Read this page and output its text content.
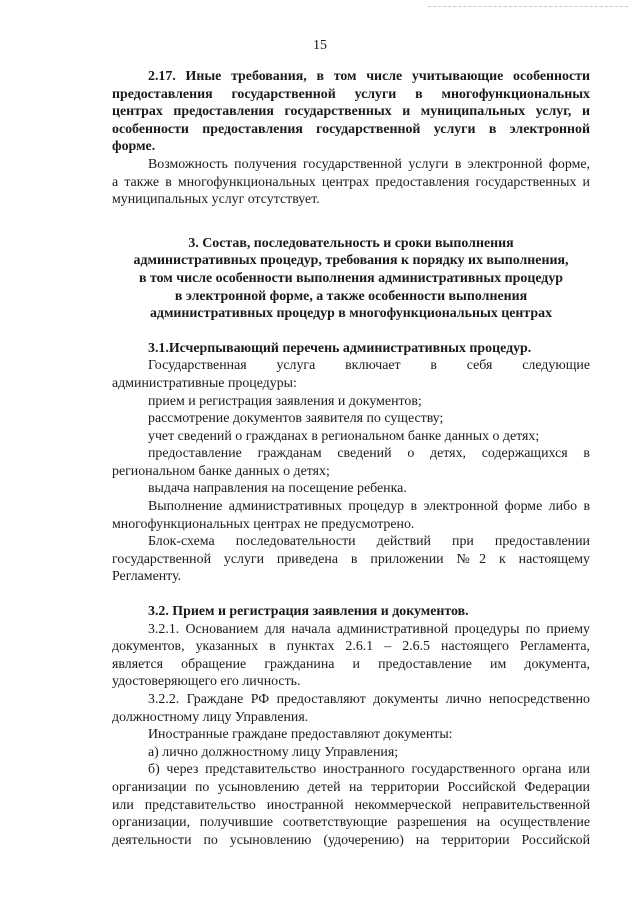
15

2.17. Иные требования, в том числе учитывающие особенности

предоставления государственной услуги в многофункциональных

центрах предоставления государственных и муниципальных услуг, и

особенности предоставления государственной услуги в электронной

форме.

Возможность получения государственной услуги в электронной форме,

а также в многофункциональных центрах предоставления государственных и

муниципальных услуг отсутствует.

3. Состав, последовательность и сроки выполнения

административных процедур, требования к порядку их выполнения,

в том числе особенности выполнения административных процедур

в электронной форме, а также особенности выполнения

административных процедур в многофункциональных центрах

3.1.Исчерпывающий перечень административных процедур.

Государственная услуга включает в себя следующие

административные процедуры:

прием и регистрация заявления и документов;

рассмотрение документов заявителя по существу;

учет сведений о гражданах в региональном банке данных о детях;

предоставление гражданам сведений о детях, содержащихся в

региональном банке данных о детях;

выдача направления на посещение ребенка.

Выполнение административных процедур в электронной форме либо в

многофункциональных центрах не предусмотрено.

Блок-схема последовательности действий при предоставлении

государственной услуги приведена в приложении №2 к настоящему

Регламенту.

3.2. Прием и регистрация заявления и документов.

3.2.1. Основанием для начала административной процедуры по приему

документов, указанных в пунктах 2.6.1 – 2.6.5 настоящего Регламента,

является обращение гражданина и предоставление им документа,

удостоверяющего его личность.

3.2.2. Граждане РФ предоставляют документы лично непосредственно

должностному лицу Управления.

Иностранные граждане предоставляют документы:

а) лично должностному лицу Управления;

б) через представительство иностранного государственного органа или

организации по усыновлению детей на территории Российской Федерации

или представительство иностранной некоммерческой неправительственной

организации, получившие соответствующие разрешения на осуществление

деятельности по усыновлению (удочерению) на территории Российской
